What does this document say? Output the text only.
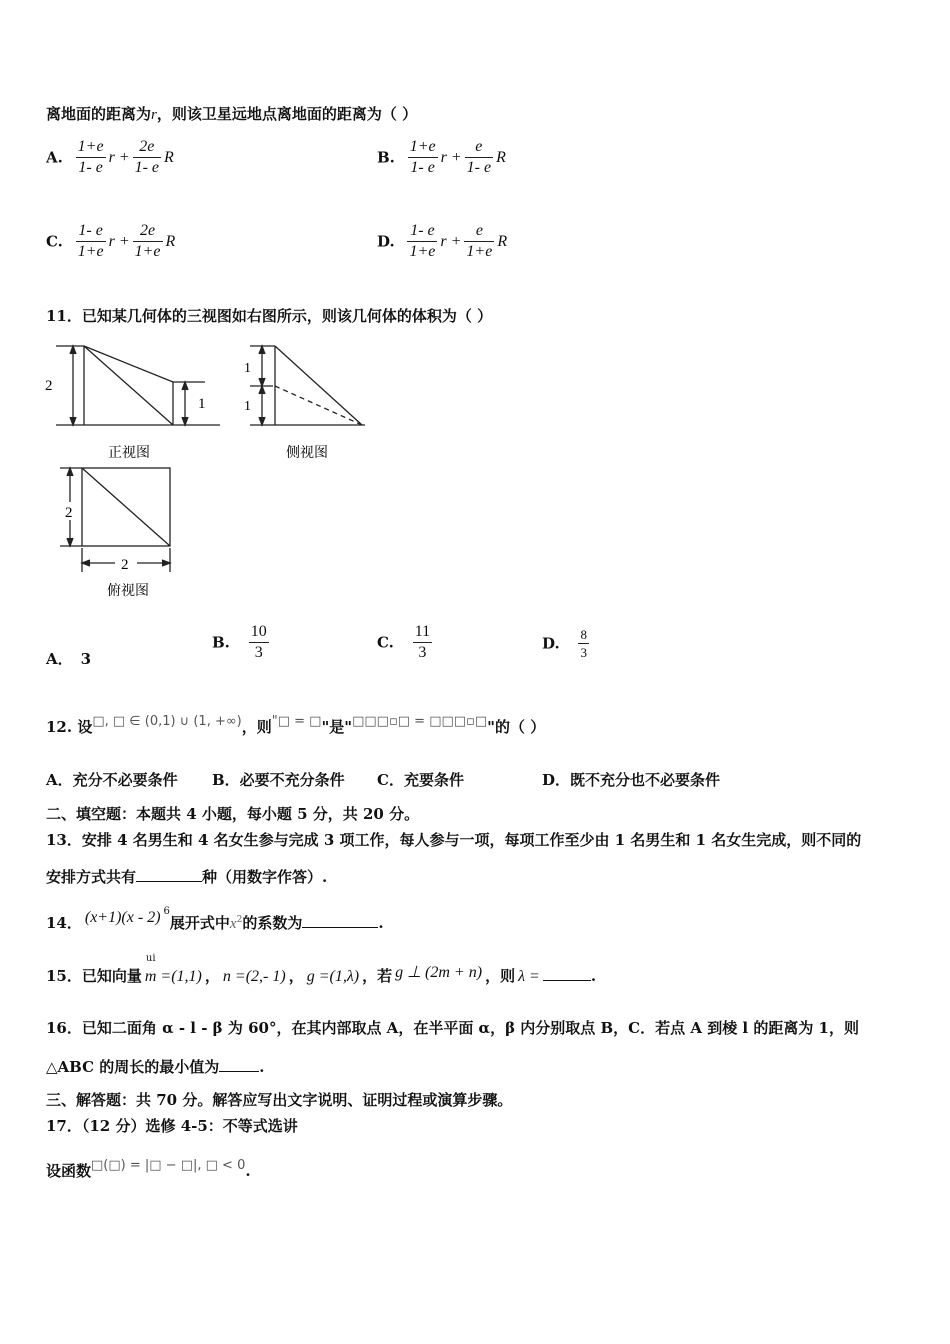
离地面的距离为r，则该卫星远地点离地面的距离为（ ）
A. $\frac{1+e}{1- e}$ $r + \frac{2e}{1- e}$ R	B. $\frac{1+e}{1- e}$ $r + \frac{e}{1- e}$ R
C. $\frac{1- e}{1+e}$ $r + \frac{2e}{1+e}$ R	D. $\frac{1- e}{1+e}$ $r + \frac{e}{1+e}$ R
11．已知某几何体的三视图如右图所示，则该几何体的体积为（ ）
2
1
正视图
1
1
侧视图
2
2
俯视图
A． 3
B. $\frac{10}{3}$	C. $\frac{11}{3}$	D. $\frac{8}{3}$
12. 设□, □ ∈ (0,1) ∪ (1, +∞)，则"□ = □"是"□□□▫□ = □□□▫□"的（ ）
A．充分不必要条件 B．必要不充分条件 C．充要条件	D．既不充分也不必要条件
二、填空题：本题共 4 小题，每小题 5 分，共 20 分。
13．安排 4 名男生和 4 名女生参与完成 3 项工作，每人参与一项，每项工作至少由 1 名男生和 1 名女生完成，则不同的
安排方式共有	种（用数字作答）.
14． (x+1)(x - 2) $^6$展开式中$x^2$的系数为	.
15．已知向量
ui
m =(1,1) ， n =(2,- 1) ， g =(1,λ) ，若 g ⊥ (2m + n) ，则 λ =	.
16．已知二面角 α - l - β 为 60°，在其内部取点 A，在半平面 α，β 内分别取点 B，C．若点 A 到棱 l 的距离为 1，则
△ABC 的周长的最小值为	.
三、解答题：共 70 分。解答应写出文字说明、证明过程或演算步骤。
17．（12 分）选修 4-5：不等式选讲
设函数□(□) = |□ − □|, □ < 0.
